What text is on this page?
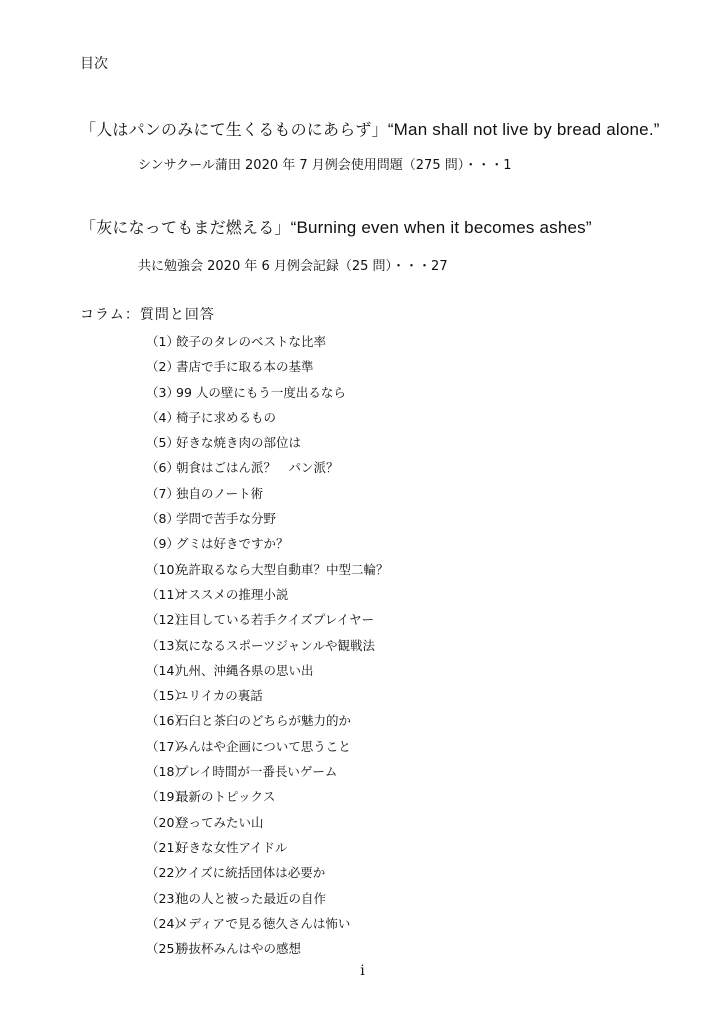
目次
「人はパンのみにて生くるものにあらず」“Man shall not live by bread alone.”
シンサクール蒲田 2020 年 7 月例会使用問題（275 問）・・・1
「灰になってもまだ燃える」“Burning even when it becomes ashes”
共に勉強会 2020 年 6 月例会記録（25 問）・・・27
コラム：質問と回答
（1）餃子のタレのベストな比率
（2）書店で手に取る本の基準
（3）99 人の壁にもう一度出るなら
（4）椅子に求めるもの
（5）好きな焼き肉の部位は
（6）朝食はごはん派？　パン派？
（7）独自のノート術
（8）学問で苦手な分野
（9）グミは好きですか？
（10）免許取るなら大型自動車？中型二輪？
（11）オススメの推理小説
（12）注目している若手クイズプレイヤー
（13）気になるスポーツジャンルや観戦法
（14）九州、沖縄各県の思い出
（15）ユリイカの裏話
（16）石臼と茶臼のどちらが魅力的か
（17）みんはや企画について思うこと
（18）プレイ時間が一番長いゲーム
（19）最新のトピックス
（20）登ってみたい山
（21）好きな女性アイドル
（22）クイズに統括団体は必要か
（23）他の人と被った最近の自作
（24）メディアで見る徳久さんは怖い
（25）勝抜杯みんはやの感想
i
